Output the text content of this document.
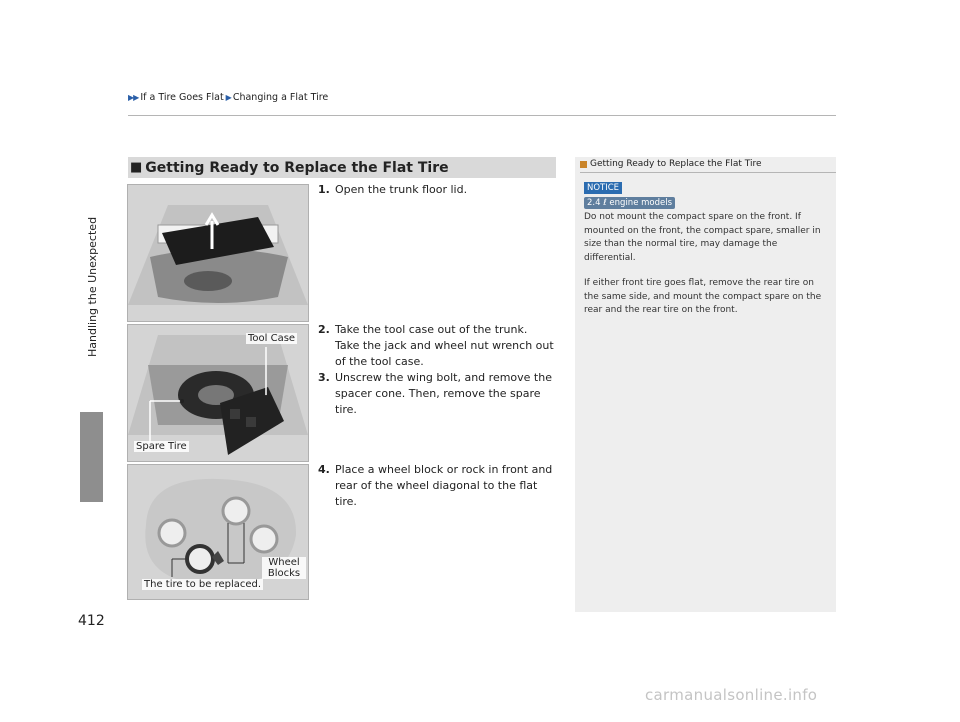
▶▶ If a Tire Goes Flat ▶ Changing a Flat Tire
Handling the Unexpected
412
■ Getting Ready to Replace the Flat Tire
Tool Case
Spare Tire
Wheel Blocks
The tire to be replaced.
1. Open the trunk floor lid.
2. Take the tool case out of the trunk. Take the jack and wheel nut wrench out of the tool case.
3. Unscrew the wing bolt, and remove the spacer cone. Then, remove the spare tire.
4. Place a wheel block or rock in front and rear of the wheel diagonal to the flat tire.
Getting Ready to Replace the Flat Tire
NOTICE
2.4 ℓ engine models

Do not mount the compact spare on the front. If mounted on the front, the compact spare, smaller in size than the normal tire, may damage the differential.

If either front tire goes flat, remove the rear tire on the same side, and mount the compact spare on the rear and the rear tire on the front.

carmanualsonline.info
